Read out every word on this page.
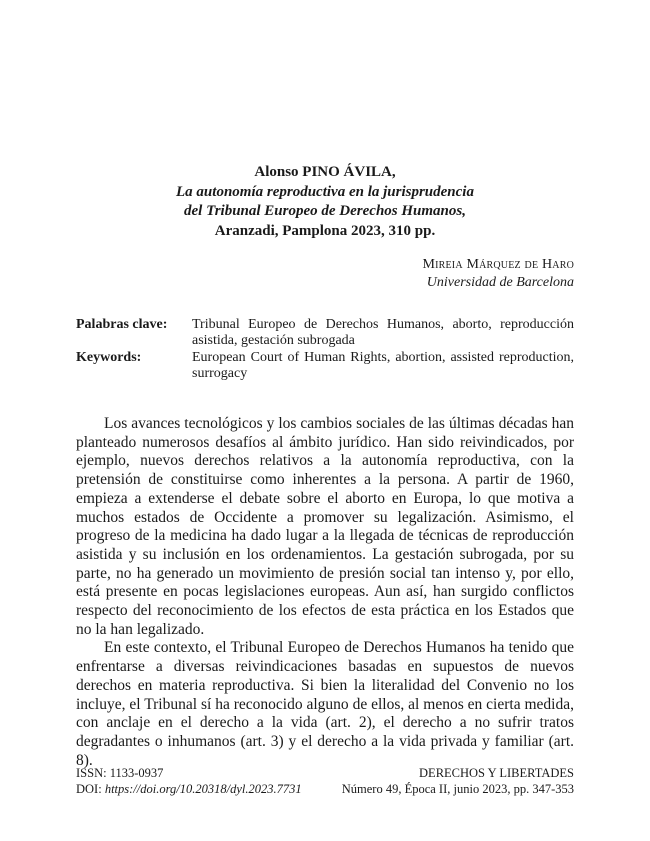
Alonso PINO ÁVILA,
La autonomía reproductiva en la jurisprudencia
del Tribunal Europeo de Derechos Humanos,
Aranzadi, Pamplona 2023, 310 pp.
Mireia Márquez de Haro
Universidad de Barcelona
Palabras clave:	Tribunal Europeo de Derechos Humanos, aborto, reproducción asistida, gestación subrogada
Keywords:	European Court of Human Rights, abortion, assisted reproduction, surrogacy

Los avances tecnológicos y los cambios sociales de las últimas décadas han planteado numerosos desafíos al ámbito jurídico. Han sido reivindicados, por ejemplo, nuevos derechos relativos a la autonomía reproductiva, con la pretensión de constituirse como inherentes a la persona. A partir de 1960, empieza a extenderse el debate sobre el aborto en Europa, lo que motiva a muchos estados de Occidente a promover su legalización. Asimismo, el progreso de la medicina ha dado lugar a la llegada de técnicas de reproducción asistida y su inclusión en los ordenamientos. La gestación subrogada, por su parte, no ha generado un movimiento de presión social tan intenso y, por ello, está presente en pocas legislaciones europeas. Aun así, han surgido conflictos respecto del reconocimiento de los efectos de esta práctica en los Estados que no la han legalizado.

En este contexto, el Tribunal Europeo de Derechos Humanos ha tenido que enfrentarse a diversas reivindicaciones basadas en supuestos de nuevos derechos en materia reproductiva. Si bien la literalidad del Convenio no los incluye, el Tribunal sí ha reconocido alguno de ellos, al menos en cierta medida, con anclaje en el derecho a la vida (art. 2), el derecho a no sufrir tratos degradantes o inhumanos (art. 3) y el derecho a la vida privada y familiar (art. 8).

ISSN: 1133-0937
DOI: https://doi.org/10.20318/dyl.2023.7731
DERECHOS Y LIBERTADES
Número 49, Época II, junio 2023, pp. 347-353
